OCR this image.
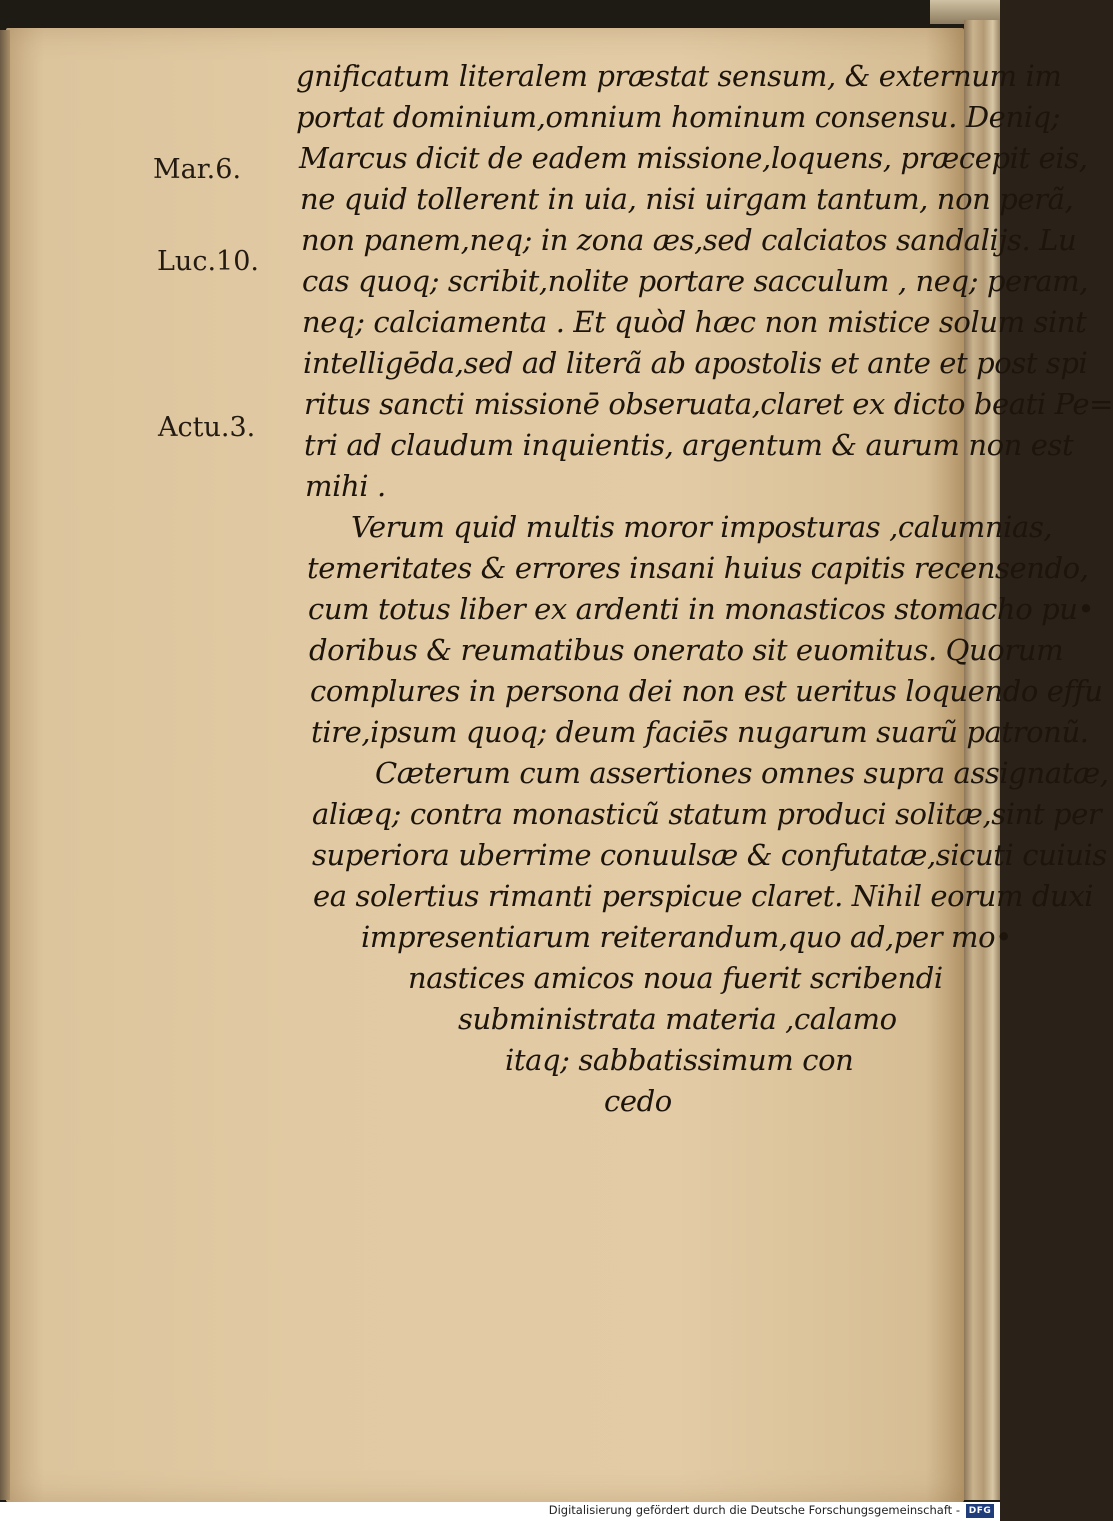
Mar.6.
Luc.10.
Actu.3.
gnificatum literalem præstat sensum, & externum im
portat dominium,omnium hominum consensu. Deniq;
Marcus dicit de eadem missione,loquens, præcepit eis,
ne quid tollerent in uia, nisi uirgam tantum, non perã,
non panem,neq; in zona æs,sed calciatos sandalijs. Lu
cas quoq; scribit,nolite portare sacculum , neq; peram,
neq; calciamenta . Et quòd hæc non mistice solum sint
intelligēda,sed ad literã ab apostolis et ante et post spi
ritus sancti missionē obseruata,claret ex dicto beati Pe=
tri ad claudum inquientis, argentum & aurum non est
mihi .
Verum quid multis moror imposturas ,calumnias,
temeritates & errores insani huius capitis recensendo,
cum totus liber ex ardenti in monasticos stomacho pu•
doribus & reumatibus onerato sit euomitus. Quorum
complures in persona dei non est ueritus loquendo effu
tire,ipsum quoq; deum faciēs nugarum suarũ patronũ.
Cæterum cum assertiones omnes supra assignatæ,
aliæq; contra monasticũ statum produci solitæ,sint per
superiora uberrime conuulsæ & confutatæ,sicuti cuiuis
ea solertius rimanti perspicue claret. Nihil eorum duxi
impresentiarum reiterandum,quo ad,per mo•
nastices amicos noua fuerit scribendi
subministrata materia ,calamo
itaq; sabbatissimum con
cedo
Digitalisierung gefördert durch die Deutsche Forschungsgemeinschaft - DFG
